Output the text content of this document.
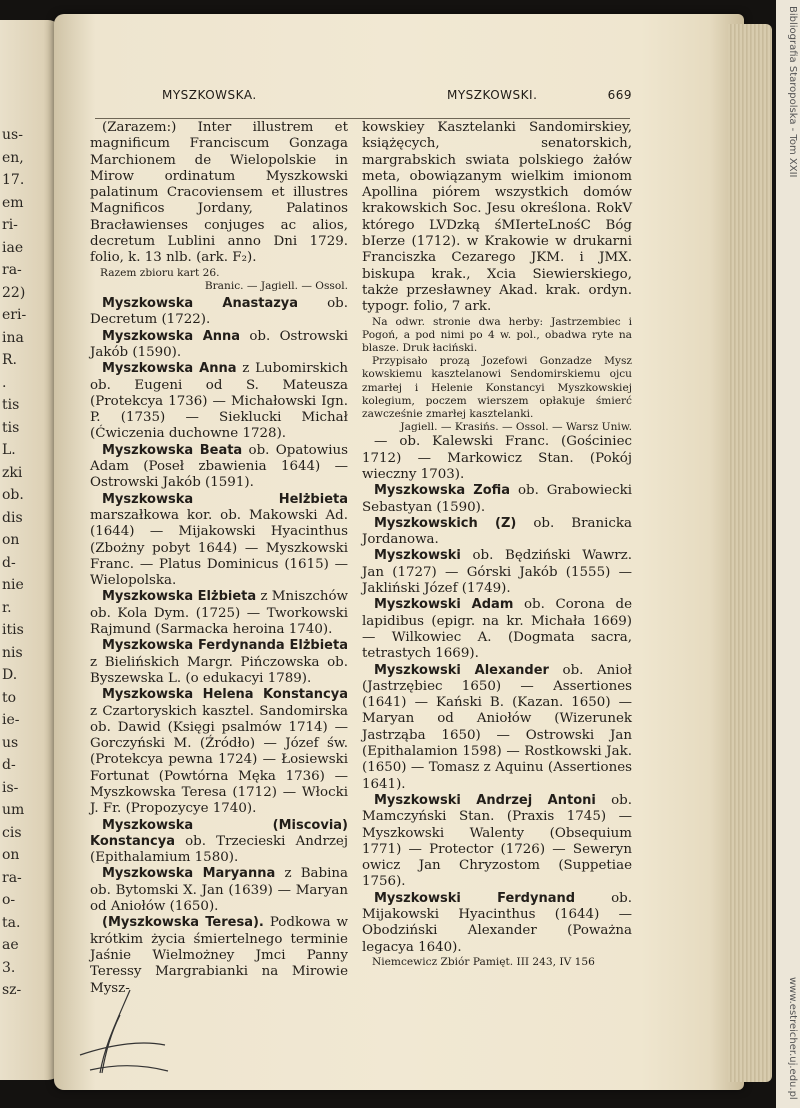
us-
en,
17.
em
ri-
iae
ra-
22)
eri-
ina
R.
.
tis
tis
L.
zki
ob.
dis
on
d-
nie
r.
itis
nis
D.
to
ie-
us
d-
is-
um
cis
on
ra-
o-
ta.
ae
3.
sz-
Bibliografia Staropolska - Tom XXII
www.estreicher.uj.edu.pl
MYSZKOWSKA.	MYSZKOWSKI.	669

(Zarazem:) Inter illustrem et magnificum Franciscum Gonzaga Marchionem de Wielopolskie in Mirow ordinatum Myszkowski palatinum Cracoviensem et illustres Magnificos Jordany, Palatinos Bracławienses conjuges ac alios, decretum Lublini anno Dni 1729. folio, k. 13 nlb. (ark. F₂).

Razem zbioru kart 26.

Branic. — Jagiell. — Ossol.

Myszkowska Anastazya ob. Decretum (1722).

Myszkowska Anna ob. Ostrowski Jakób (1590).

Myszkowska Anna z Lubomirskich ob. Eugeni od S. Mateusza (Protekcya 1736) — Michałowski Ign. P. (1735) — Sieklucki Michał (Ćwiczenia duchowne 1728).

Myszkowska Beata ob. Opatowius Adam (Poseł zbawienia 1644) — Ostrowski Jakób (1591).

Myszkowska Helżbieta marszałkowa kor. ob. Makowski Ad. (1644) — Mijakowski Hyacinthus (Zbożny pobyt 1644) — Myszkowski Franc. — Platus Dominicus (1615) — Wielopolska.

Myszkowska Elżbieta z Mniszchów ob. Kola Dym. (1725) — Tworkowski Rajmund (Sarmacka heroina 1740).

Myszkowska Ferdynanda Elżbieta z Bielińskich Margr. Pińczowska ob. Byszewska L. (o edukacyi 1789).

Myszkowska Helena Konstancya z Czartoryskich kasztel. Sandomirska ob. Dawid (Księgi psalmów 1714) — Gorczyński M. (Źródło) — Józef św. (Protekcya pewna 1724) — Łosiewski Fortunat (Powtórna Męka 1736) — Myszkowska Teresa (1712) — Włocki J. Fr. (Propozycye 1740).

Myszkowska (Miscovia) Konstancya ob. Trzecieski Andrzej (Epithalamium 1580).

Myszkowska Maryanna z Babina ob. Bytomski X. Jan (1639) — Maryan od Aniołów (1650).

(Myszkowska Teresa). Podkowa w krótkim życia śmiertelnego terminie Jaśnie Wielmożney Jmci Panny Teressy Margrabianki na Mirowie Mysz-

kowskiey Kasztelanki Sandomirskiey, książęcych, senatorskich, margrabskich swiata polskiego żałów meta, obowiązanym wielkim imionom Apollina piórem wszystkich domów krakowskich Soc. Jesu określona. RokV którego LVDzką śMIerteLnośC Bóg bIerze (1712). w Krakowie w drukarni Franciszka Cezarego JKM. i JMX. biskupa krak., Xcia Siewierskiego, także przesławney Akad. krak. ordyn. typogr. folio, 7 ark.

Na odwr. stronie dwa herby: Jastrzembiec i Pogoń, a pod nimi po 4 w. pol., obadwa ryte na blasze. Druk łaciński.

Przypisało prozą Jozefowi Gonzadze Mysz kowskiemu kasztelanowi Sendomirskiemu ojcu zmarłej i Helenie Konstancyi Myszkowskiej kolegium, poczem wierszem opłakuje śmierć zawcześnie zmarłej kasztelanki.

Jagiell. — Krasińs. — Ossol. — Warsz Uniw.

— ob. Kalewski Franc. (Gościniec 1712) — Markowicz Stan. (Pokój wieczny 1703).

Myszkowska Zofia ob. Grabowiecki Sebastyan (1590).

Myszkowskich (Z) ob. Branicka Jordanowa.

Myszkowski ob. Będziński Wawrz. Jan (1727) — Górski Jakób (1555) — Jakliński Józef (1749).

Myszkowski Adam ob. Corona de lapidibus (epigr. na kr. Michała 1669) — Wilkowiec A. (Dogmata sacra, tetrastych 1669).

Myszkowski Alexander ob. Anioł (Jastrzębiec 1650) — Assertiones (1641) — Kański B. (Kazan. 1650) — Maryan od Aniołów (Wizerunek Jastrząba 1650) — Ostrowski Jan (Epithalamion 1598) — Rostkowski Jak. (1650) — Tomasz z Aquinu (Assertiones 1641).

Myszkowski Andrzej Antoni ob. Mamczyński Stan. (Praxis 1745) — Myszkowski Walenty (Obsequium 1771) — Protector (1726) — Seweryn owicz Jan Chryzostom (Suppetiae 1756).

Myszkowski Ferdynand ob. Mijakowski Hyacinthus (1644) — Obodziński Alexander (Poważna legacya 1640).

Niemcewicz Zbiór Pamięt. III 243, IV 156
